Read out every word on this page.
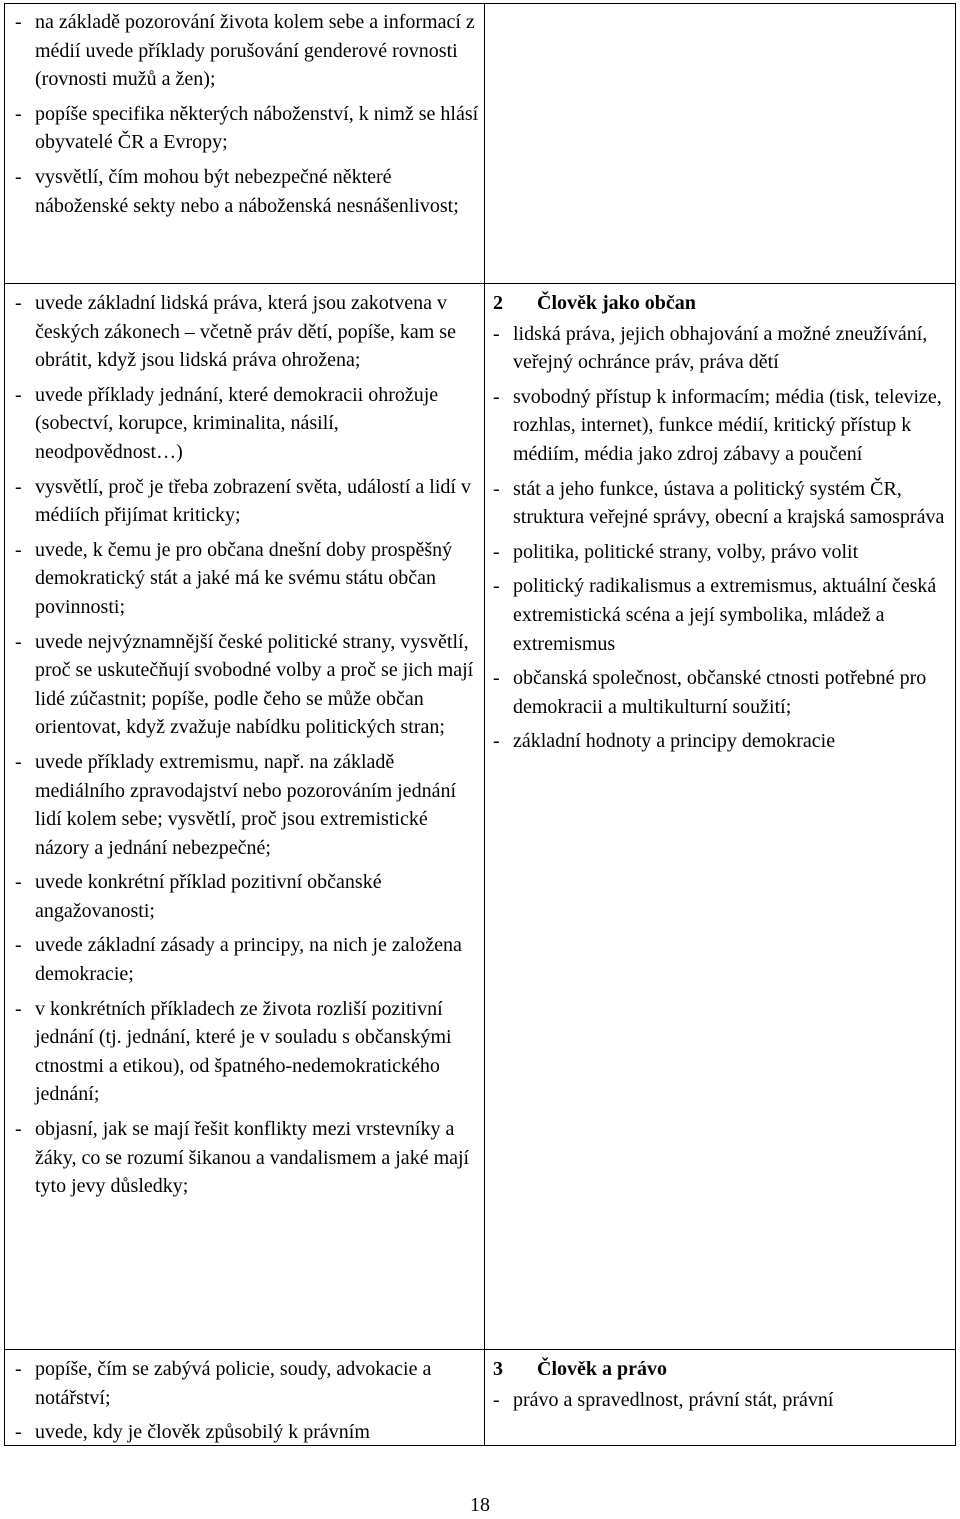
- na základě pozorování života kolem sebe a informací z médií uvede příklady porušování genderové rovnosti (rovnosti mužů a žen);
- popíše specifika některých náboženství, k nimž se hlásí obyvatelé ČR a Evropy;
- vysvětlí, čím mohou být nebezpečné některé náboženské sekty nebo a náboženská nesnášenlivost;
- uvede základní lidská práva, která jsou zakotvena v českých zákonech – včetně práv dětí, popíše, kam se obrátit, když jsou lidská práva ohrožena;
- uvede příklady jednání, které demokracii ohrožuje (sobectví, korupce, kriminalita, násilí, neodpovědnost…)
- vysvětlí, proč je třeba zobrazení světa, událostí a lidí v médiích přijímat kriticky;
- uvede, k čemu je pro občana dnešní doby prospěšný demokratický stát a jaké má ke svému státu občan povinnosti;
- uvede nejvýznamnější české politické strany, vysvětlí, proč se uskutečňují svobodné volby a proč se jich mají lidé zúčastnit; popíše, podle čeho se může občan orientovat, když zvažuje nabídku politických stran;
- uvede příklady extremismu, např. na základě mediálního zpravodajství nebo pozorováním jednání lidí kolem sebe; vysvětlí, proč jsou extremistické názory a jednání nebezpečné;
- uvede konkrétní příklad pozitivní občanské angažovanosti;
- uvede základní zásady a principy, na nich je založena demokracie;
- v konkrétních příkladech ze života rozliší pozitivní jednání (tj. jednání, které je v souladu s občanskými ctnostmi a etikou), od špatného-nedemokratického jednání;
- objasní, jak se mají řešit konflikty mezi vrstevníky a žáky, co se rozumí šikanou a vandalismem a jaké mají tyto jevy důsledky;
2 Člověk jako občan
- lidská práva, jejich obhajování a možné zneužívání, veřejný ochránce práv, práva dětí
- svobodný přístup k informacím; média (tisk, televize, rozhlas, internet), funkce médií, kritický přístup k médiím, média jako zdroj zábavy a poučení
- stát a jeho funkce, ústava a politický systém ČR, struktura veřejné správy, obecní a krajská samospráva
- politika, politické strany, volby, právo volit
- politický radikalismus a extremismus, aktuální česká extremistická scéna a její symbolika, mládež a extremismus
- občanská společnost, občanské ctnosti potřebné pro demokracii a multikulturní soužití;
- základní hodnoty a principy demokracie
- popíše, čím se zabývá policie, soudy, advokacie a notářství;
- uvede, kdy je člověk způsobilý k právním
3 Člověk a právo
- právo a spravedlnost, právní stát, právní
18
